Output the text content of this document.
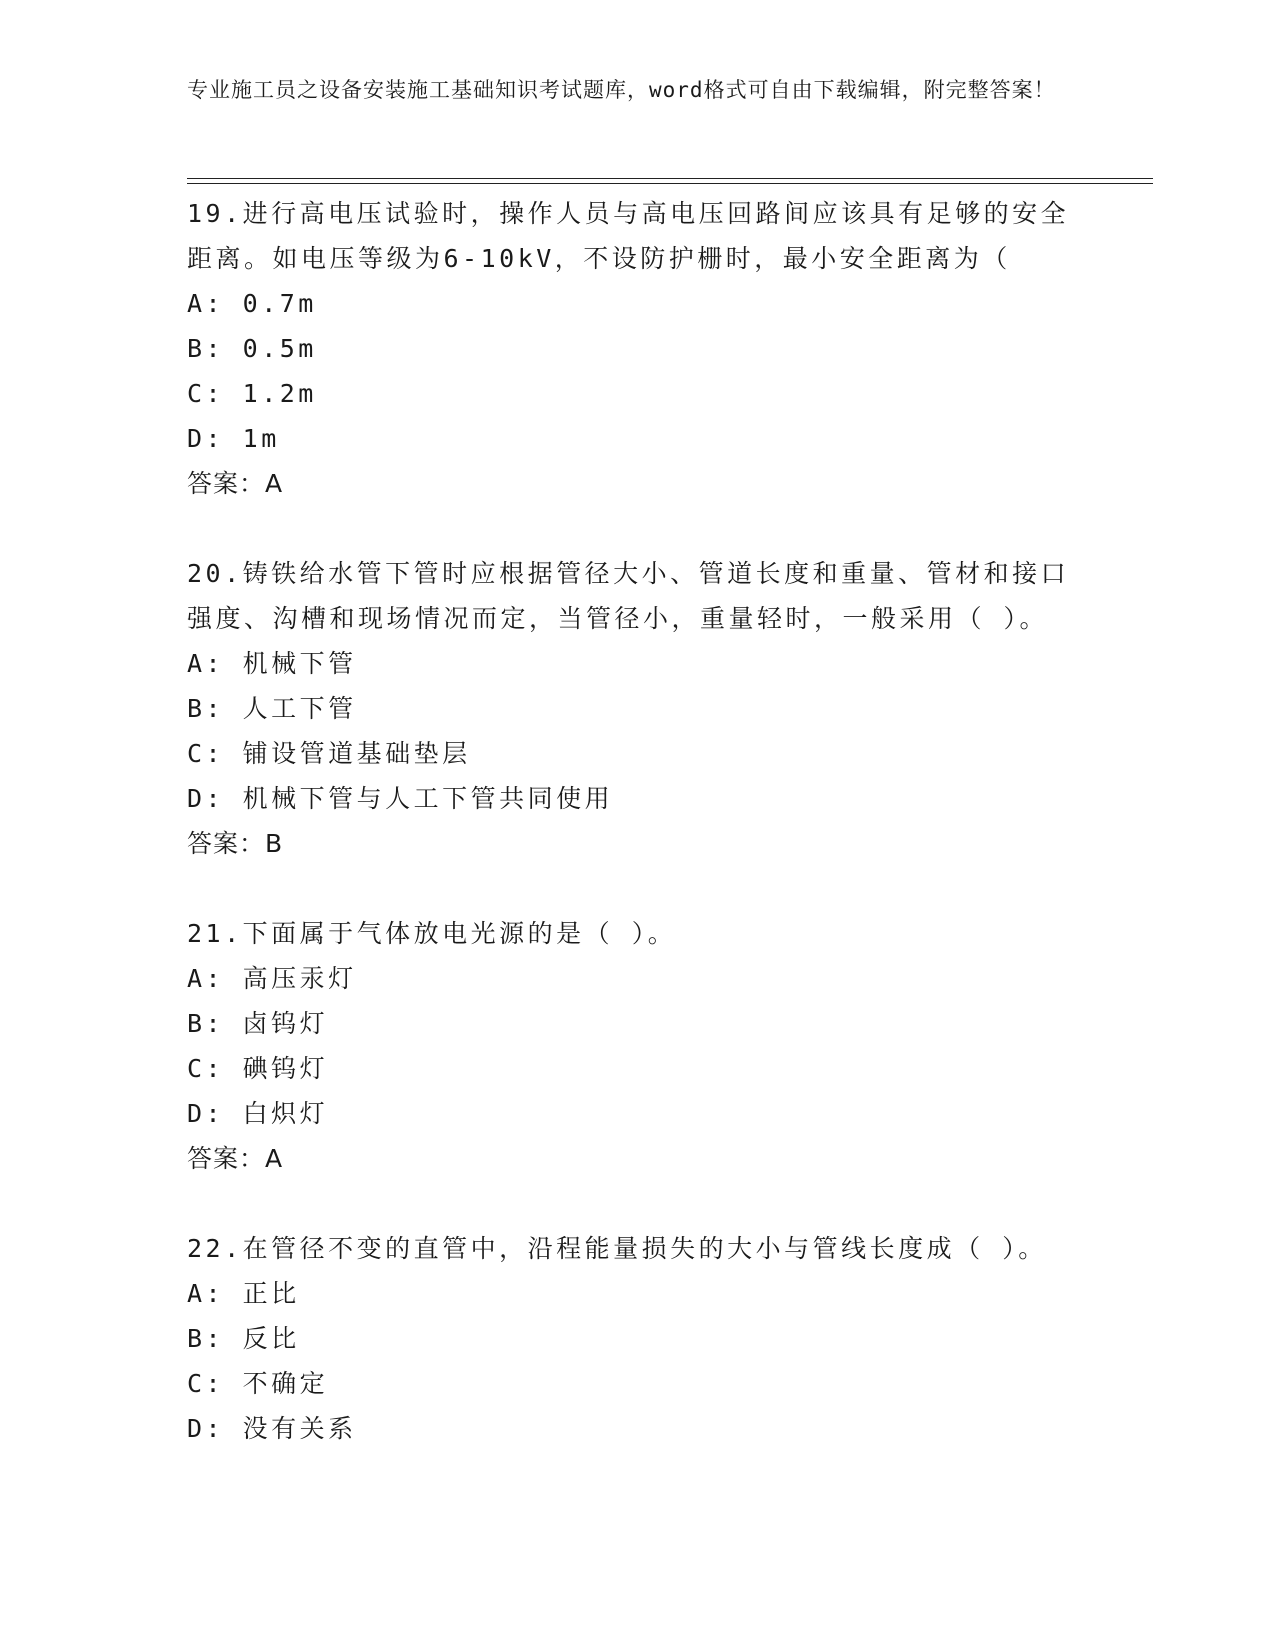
专业施工员之设备安装施工基础知识考试题库，word格式可自由下载编辑，附完整答案！

19.进行高电压试验时，操作人员与高电压回路间应该具有足够的安全距离。如电压等级为6-10kV，不设防护栅时，最小安全距离为（

A: 0.7m
B: 0.5m
C: 1.2m
D: 1m

答案：A

20.铸铁给水管下管时应根据管径大小、管道长度和重量、管材和接口强度、沟槽和现场情况而定，当管径小，重量轻时，一般采用（ ）。

A: 机械下管
B: 人工下管
C: 铺设管道基础垫层
D: 机械下管与人工下管共同使用

答案：B

21.下面属于气体放电光源的是（ ）。

A: 高压汞灯
B: 卤钨灯
C: 碘钨灯
D: 白炽灯

答案：A

22.在管径不变的直管中，沿程能量损失的大小与管线长度成（ ）。

A: 正比
B: 反比
C: 不确定
D: 没有关系
